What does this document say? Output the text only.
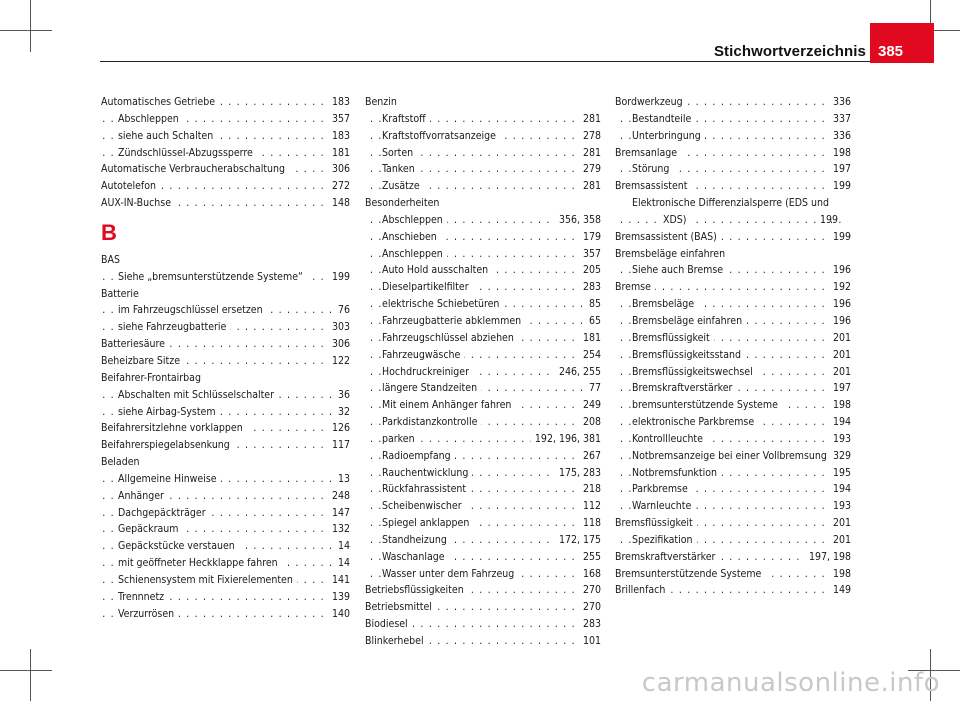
Stichwortverzeichnis 385
Automatisches Getriebe	183
. . .
Abschleppen	357
. . .
siehe auch Schalten	183
. . .
Zündschlüssel-Abzugssperre	181
. . .
Automatische Verbraucherabschaltung	306
. . .
Autotelefon	272
. . .
AUX-IN-Buchse	148
. . .
B
BAS
Siehe „bremsunterstützende Systeme“	199
. . .
Batterie
im Fahrzeugschlüssel ersetzen	76
. . .
siehe Fahrzeugbatterie	303
. . .
Batteriesäure	306
. . .
Beheizbare Sitze	122
. . .
Beifahrer-Frontairbag
Abschalten mit Schlüsselschalter	36
. . .
siehe Airbag-System	32
. . .
Beifahrersitzlehne vorklappen	126
. . .
Beifahrerspiegelabsenkung	117
. . .
Beladen
Allgemeine Hinweise	13
. . .
Anhänger	248
. . .
Dachgepäckträger	147
. . .
Gepäckraum	132
. . .
Gepäckstücke verstauen	14
. . .
mit geöffneter Heckklappe fahren	14
. . .
Schienensystem mit Fixierelementen	141
. . .
Trennnetz	139
. . .
Verzurrösen	140
. . .
Benzin
Kraftstoff	281
. . .
Kraftstoffvorratsanzeige	278
. . .
Sorten	281
. . .
Tanken	279
. . .
Zusätze	281
. . .
Besonderheiten
Abschleppen	356, 358
. . .
Anschieben	179
. . .
Anschleppen	357
. . .
Auto Hold ausschalten	205
. . .
Dieselpartikelfilter	283
. . .
elektrische Schiebetüren	85
. . .
Fahrzeugbatterie abklemmen	65
. . .
Fahrzeugschlüssel abziehen	181
. . .
Fahrzeugwäsche	254
. . .
Hochdruckreiniger	246, 255
. . .
längere Standzeiten	77
. . .
Mit einem Anhänger fahren	249
. . .
Parkdistanzkontrolle	208
. . .
parken	192, 196, 381
. . .
Radioempfang	267
. . .
Rauchentwicklung	175, 283
. . .
Rückfahrassistent	218
. . .
Scheibenwischer	112
. . .
Spiegel anklappen	118
. . .
Standheizung	172, 175
. . .
Waschanlage	255
. . .
Wasser unter dem Fahrzeug	168
. . .
Betriebsflüssigkeiten	270
. . .
Betriebsmittel	270
. . .
Biodiesel	283
. . .
Blinkerhebel	101
. . .
Bordwerkzeug	336
. . .
Bestandteile	337
. . .
Unterbringung	336
. . .
Bremsanlage	198
. . .
Störung	197
. . .
Bremsassistent	199
. . .
Elektronische Differenzialsperre (EDS und XDS)	199
. . .
Bremsassistent (BAS)	199
. . .
Bremsbeläge einfahren
Siehe auch Bremse	196
. . .
Bremse	192
. . .
Bremsbeläge	196
. . .
Bremsbeläge einfahren	196
. . .
Bremsflüssigkeit	201
. . .
Bremsflüssigkeitsstand	201
. . .
Bremsflüssigkeitswechsel	201
. . .
Bremskraftverstärker	197
. . .
bremsunterstützende Systeme	198
. . .
elektronische Parkbremse	194
. . .
Kontrollleuchte	193
. . .
Notbremsanzeige bei einer Vollbremsung 329
. . .
Notbremsfunktion	195
. . .
Parkbremse	194
. . .
Warnleuchte	193
. . .
Bremsflüssigkeit	201
. . .
Spezifikation	201
. . .
Bremskraftverstärker	197, 198
. . .
Bremsunterstützende Systeme	198
. . .
Brillenfach	149
. . .
carmanualsonline.info
